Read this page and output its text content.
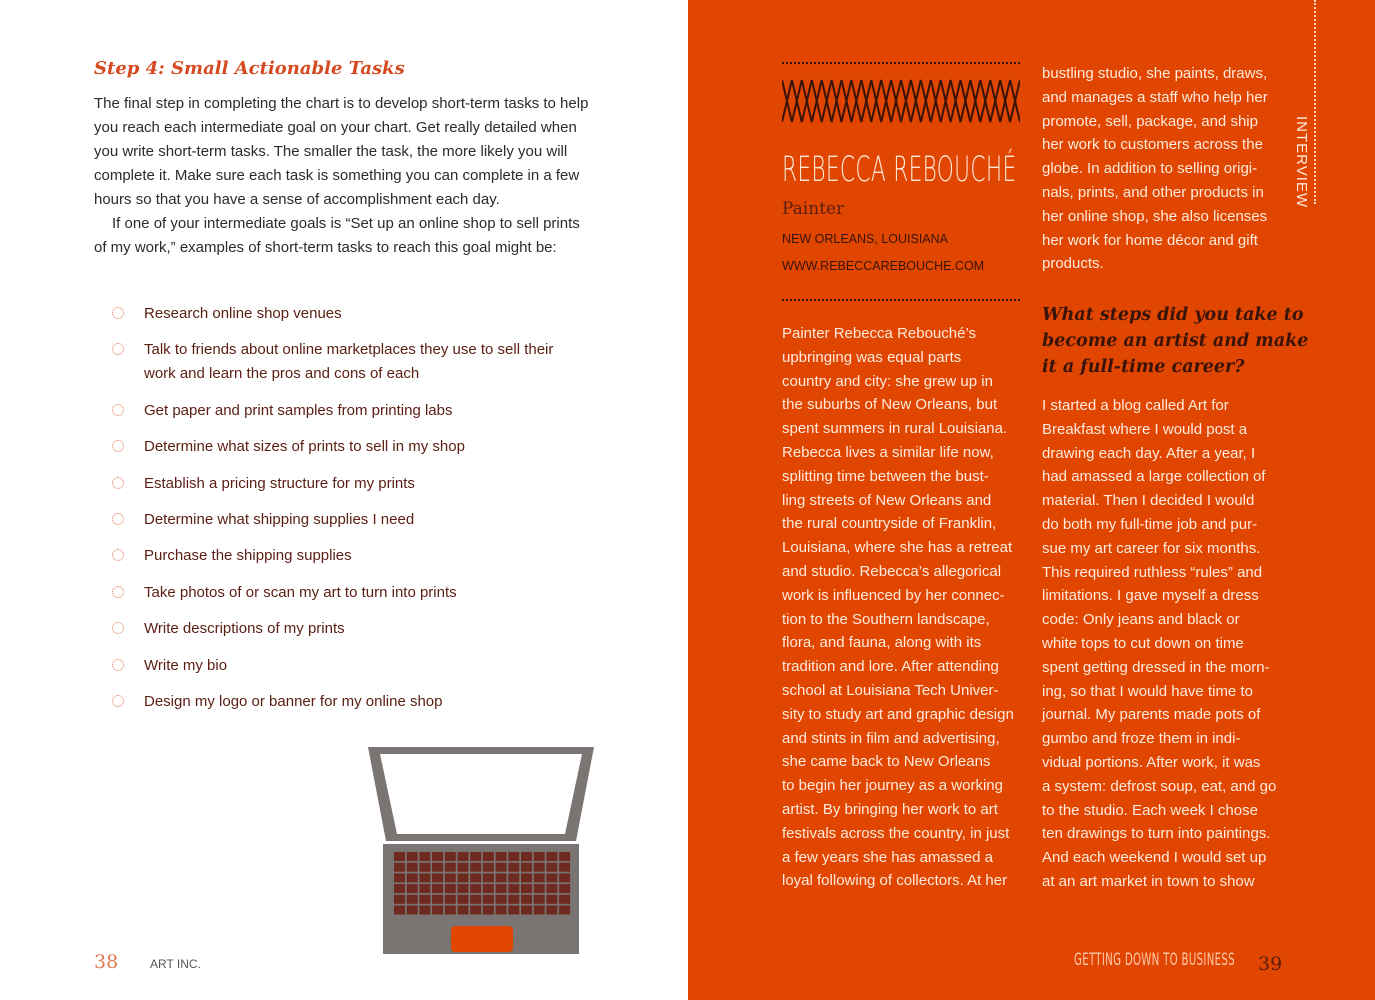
Step 4: Small Actionable Tasks

The final step in completing the chart is to develop short-term tasks to help you reach each intermediate goal on your chart. Get really detailed when you write short-term tasks. The smaller the task, the more likely you will complete it. Make sure each task is something you can complete in a few hours so that you have a sense of accomplishment each day.

If one of your intermediate goals is “Set up an online shop to sell prints of my work,” examples of short-term tasks to reach this goal might be:

Research online shop venues
Talk to friends about online marketplaces they use to sell their work and learn the pros and cons of each
Get paper and print samples from printing labs
Determine what sizes of prints to sell in my shop
Establish a pricing structure for my prints
Determine what shipping supplies I need
Purchase the shipping supplies
Take photos of or scan my art to turn into prints
Write descriptions of my prints
Write my bio
Design my logo or banner for my online shop
38	ART INC.
REBECCA REBOUCHÉ
Painter
NEW ORLEANS, LOUISIANA
WWW.REBECCAREBOUCHE.COM
Painter Rebecca Rebouché’s
upbringing was equal parts
country and city: she grew up in
the suburbs of New Orleans, but
spent summers in rural Louisiana.
Rebecca lives a similar life now,
splitting time between the bust-
ling streets of New Orleans and
the rural countryside of Franklin,
Louisiana, where she has a retreat
and studio. Rebecca’s allegorical
work is influenced by her connec-
tion to the Southern landscape,
flora, and fauna, along with its
tradition and lore. After attending
school at Louisiana Tech Univer-
sity to study art and graphic design
and stints in film and advertising,
she came back to New Orleans
to begin her journey as a working
artist. By bringing her work to art
festivals across the country, in just
a few years she has amassed a
loyal following of collectors. At her
bustling studio, she paints, draws,
and manages a staff who help her
promote, sell, package, and ship
her work to customers across the
globe. In addition to selling origi-
nals, prints, and other products in
her online shop, she also licenses
her work for home décor and gift
products.
What steps did you take to
become an artist and make
it a full-time career?
I started a blog called Art for
Breakfast where I would post a
drawing each day. After a year, I
had amassed a large collection of
material. Then I decided I would
do both my full-time job and pur-
sue my art career for six months.
This required ruthless “rules” and
limitations. I gave myself a dress
code: Only jeans and black or
white tops to cut down on time
spent getting dressed in the morn-
ing, so that I would have time to
journal. My parents made pots of
gumbo and froze them in indi-
vidual portions. After work, it was
a system: defrost soup, eat, and go
to the studio. Each week I chose
ten drawings to turn into paintings.
And each weekend I would set up
at an art market in town to show
INTERVIEW
GETTING DOWN TO BUSINESS 39
